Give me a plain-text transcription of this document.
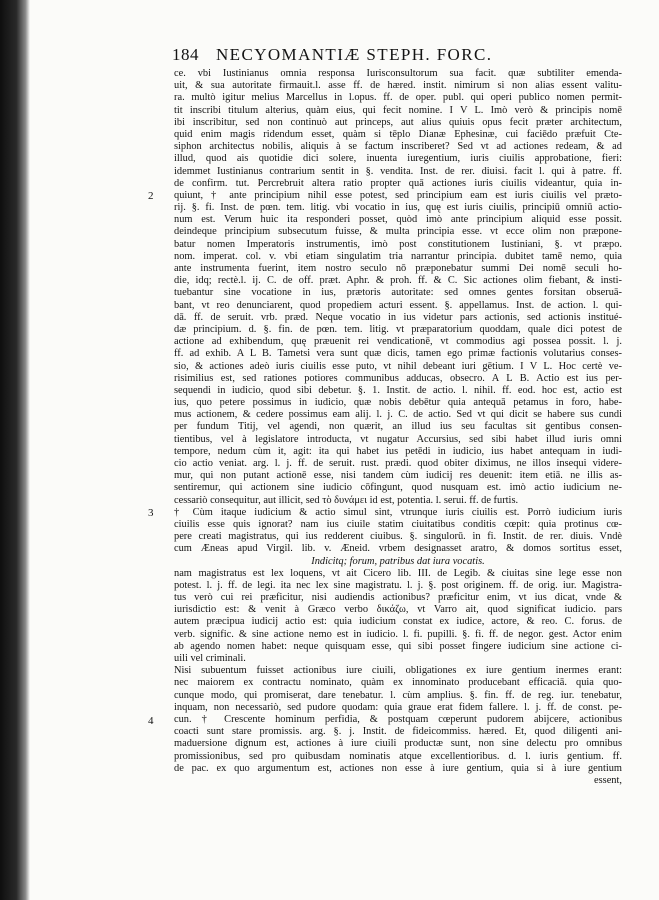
184 NECYOMANTIÆ STEPH. FORC.
ce. vbi Iustinianus omnia responsa Iurisconsultorum sua facit. quæ subtiliter emenda-
uit, & sua autoritate firmauit.l. asse ff. de hæred. instit. nimirum si non alias essent valitu-
ra. multò igitur melius Marcellus in l.opus. ff. de oper. publ. qui operi publico nomen permit-
tit inscribi titulum alterius, quàm eius, qui fecit nomine. I V L. Imò verò & principis nomē
ibi inscribitur, sed non continuò aut princeps, aut alius quiuis opus fecit præter architectum,
quid enim magis ridendum esset, quàm si tēplo Dianæ Ephesinæ, cui faciēdo præfuit Cte-
siphon architectus nobilis, aliquis à se factum inscriberet? Sed vt ad actiones redeam, & ad
illud, quod ais quotidie dici solere, inuenta iuregentium, iuris ciuilis approbatione, fieri:
idemmet Iustinianus contrarium sentit in §. vendita. Inst. de rer. diuisi. facit l. qui à patre. ff.
de confirm. tut. Percrebruit altera ratio propter quā actiones iuris ciuilis videantur, quia in-
quiunt, † ante principium nihil esse potest, sed principium eam est iuris ciuilis vel præto-
rij. §. fi. Inst. de pœn. tem. litig. vbi vocatio in ius, quę est iuris ciuilis, principiū omniū actio-
num est. Verum huic ita responderi posset, quòd imò ante principium aliquid esse possit.
deindeque principium subsecutum fuisse, & multa principia esse. vt ecce olim non præpone-
batur nomen Imperatoris instrumentis, imò post constitutionem Iustiniani, §. vt præpo.
nom. imperat. col. v. vbi etiam singulatim tria narrantur principia. dubitet tamē nemo, quia
ante instrumenta fuerint, item nostro seculo nō præponebatur summi Dei nomē seculi ho-
die, idq; rectè.l. ij. C. de off. præt. Aphr. & proh. ff. & C. Sic actiones olim fiebant, & insti-
tuebantur sine vocatione in ius, prætoris autoritate: sed omnes gentes forsitan obseruā-
bant, vt reo denunciarent, quod propediem acturi essent. §. appellamus. Inst. de action. l. qui-
dā. ff. de seruit. vrb. præd. Neque vocatio in ius videtur pars actionis, sed actionis institué-
dæ principium. d. §. fin. de pœn. tem. litig. vt præparatorium quoddam, quale dici potest de
actione ad exhibendum, quę præuenit rei vendicationē, vt commodius agi possea possit. l. j.
ff. ad exhib. A L B. Tametsi vera sunt quæ dicis, tamen ego primæ factionis volutarius conses-
sio, & actiones adeò iuris ciuilis esse puto, vt nihil debeant iuri gētium. I V L. Hoc certè ve-
risimilius est, sed rationes potiores communibus adducas, obsecro. A L B. Actio est ius per-
sequendi in iudicio, quod sibi debetur. §. 1. Instit. de actio. l. nihil. ff. eod. hoc est, actio est
ius, quo petere possimus in iudicio, quæ nobis debētur quia antequā petamus in foro, habe-
mus actionem, & cedere possimus eam alij. l. j. C. de actio. Sed vt qui dicit se habere sus cundi
per fundum Titij, vel agendi, non quærit, an illud ius seu facultas sit gentibus consen-
tientibus, vel à legislatore introducta, vt nugatur Accursius, sed sibi habet illud iuris omni
tempore, nedum cùm it, agit: ita qui habet ius petēdi in iudicio, ius habet antequam in iudi-
cio actio veniat. arg. l. j. ff. de seruit. rust. prædi. quod obiter diximus, ne illos insequi videre-
mur, qui non putant actionē esse, nisi tandem cùm iudicij res deuenit: item etiā. ne illis as-
sentiremur, qui actionem sine iudicio cōfingunt, quod nusquam est. imò actio iudicium ne-
cessariò consequitur, aut illicit, sed τὸ δυνάμει id est, potentia. l. serui. ff. de furtis.
† Cùm itaque iudicium & actio simul sint, vtrunque iuris ciuilis est. Porrò iudicium iuris
ciuilis esse quis ignorat? nam ius ciuile statim ciuitatibus conditis cœpit: quia protinus cœ-
pere creati magistratus, qui ius redderent ciuibus. §. singulorū. in fi. Instit. de rer. diuis. Vndè
cum Æneas apud Virgil. lib. v. Æneid. vrbem designasset aratro, & domos sortitus esset,
Indicitq; forum, patribus dat iura vocatis.
nam magistratus est lex loquens, vt ait Cicero lib. III. de Legib. & ciuitas sine lege esse non
potest. l. j. ff. de legi. ita nec lex sine magistratu. l. j. §. post originem. ff. de orig. iur. Magistra-
tus verò cui rei præficitur, nisi audiendis actionibus? præficitur enim, vt ius dicat, vnde &
iurisdictio est: & venit à Græco verbo δικάζω, vt Varro ait, quod significat iudicio. pars
autem præcipua iudicij actio est: quia iudicium constat ex iudice, actore, & reo. C. forus. de
verb. signific. & sine actione nemo est in iudicio. l. fi. pupilli. §. fi. ff. de negor. gest. Actor enim
ab agendo nomen habet: neque quisquam esse, qui sibi posset fingere iudicium sine actione ci-
uili vel criminali.
Nisi subuentum fuisset actionibus iure ciuili, obligationes ex iure gentium inermes erant:
nec maiorem ex contractu nominato, quàm ex innominato producebant efficaciā. quia quo-
cunque modo, qui promiserat, dare tenebatur. l. cùm amplius. §. fin. ff. de reg. iur. tenebatur,
inquam, non necessariò, sed pudore quodam: quia graue erat fidem fallere. l. j. ff. de const. pe-
cun. † Crescente hominum perfidia, & postquam cœperunt pudorem abijcere, actionibus
coacti sunt stare promissis. arg. §. j. Instit. de fideicommiss. hæred. Et, quod diligenti ani-
maduersione dignum est, actiones à iure ciuili productæ sunt, non sine delectu pro omnibus
promissionibus, sed pro quibusdam nominatis atque excellentioribus. d. l. iuris gentium. ff.
de pac. ex quo argumentum est, actiones non esse à iure gentium, quia si à iure gentium
essent,
2
3
4
